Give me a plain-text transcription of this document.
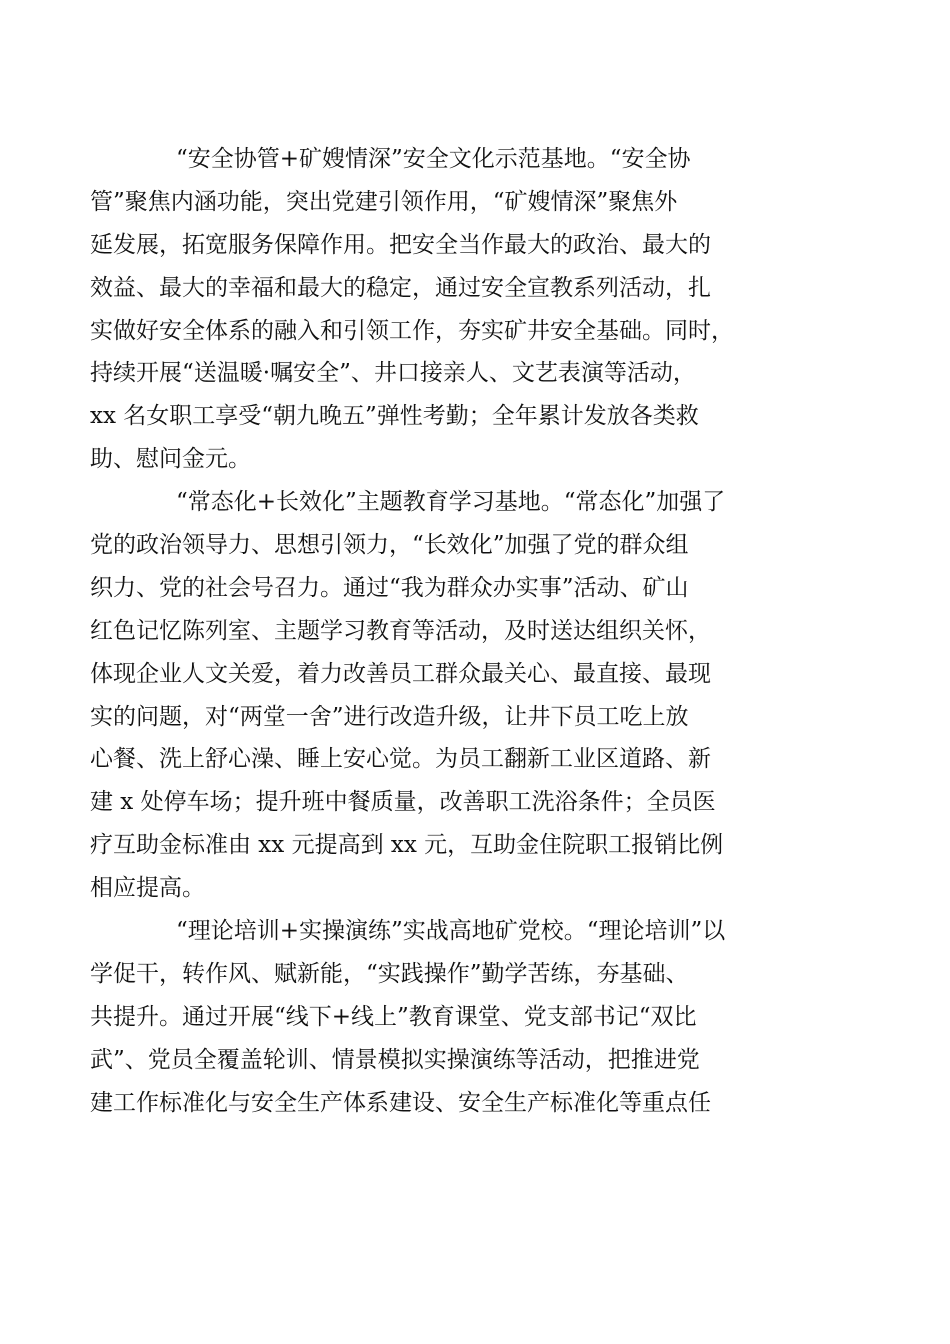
“安全协管+矿嫂情深”安全文化示范基地。“安全协
管”聚焦内涵功能，突出党建引领作用，“矿嫂情深”聚焦外
延发展，拓宽服务保障作用。把安全当作最大的政治、最大的
效益、最大的幸福和最大的稳定，通过安全宣教系列活动，扎
实做好安全体系的融入和引领工作，夯实矿井安全基础。同时，
持续开展“送温暖·嘱安全”、井口接亲人、文艺表演等活动，
xx 名女职工享受“朝九晚五”弹性考勤；全年累计发放各类救
助、慰问金元。
“常态化+长效化”主题教育学习基地。“常态化”加强了
党的政治领导力、思想引领力，“长效化”加强了党的群众组
织力、党的社会号召力。通过“我为群众办实事”活动、矿山
红色记忆陈列室、主题学习教育等活动，及时送达组织关怀，
体现企业人文关爱，着力改善员工群众最关心、最直接、最现
实的问题，对“两堂一舍”进行改造升级，让井下员工吃上放
心餐、洗上舒心澡、睡上安心觉。为员工翻新工业区道路、新
建 x 处停车场；提升班中餐质量，改善职工洗浴条件；全员医
疗互助金标准由 xx 元提高到 xx 元，互助金住院职工报销比例
相应提高。
“理论培训+实操演练”实战高地矿党校。“理论培训”以
学促干，转作风、赋新能，“实践操作”勤学苦练，夯基础、
共提升。通过开展“线下+线上”教育课堂、党支部书记“双比
武”、党员全覆盖轮训、情景模拟实操演练等活动，把推进党
建工作标准化与安全生产体系建设、安全生产标准化等重点任
